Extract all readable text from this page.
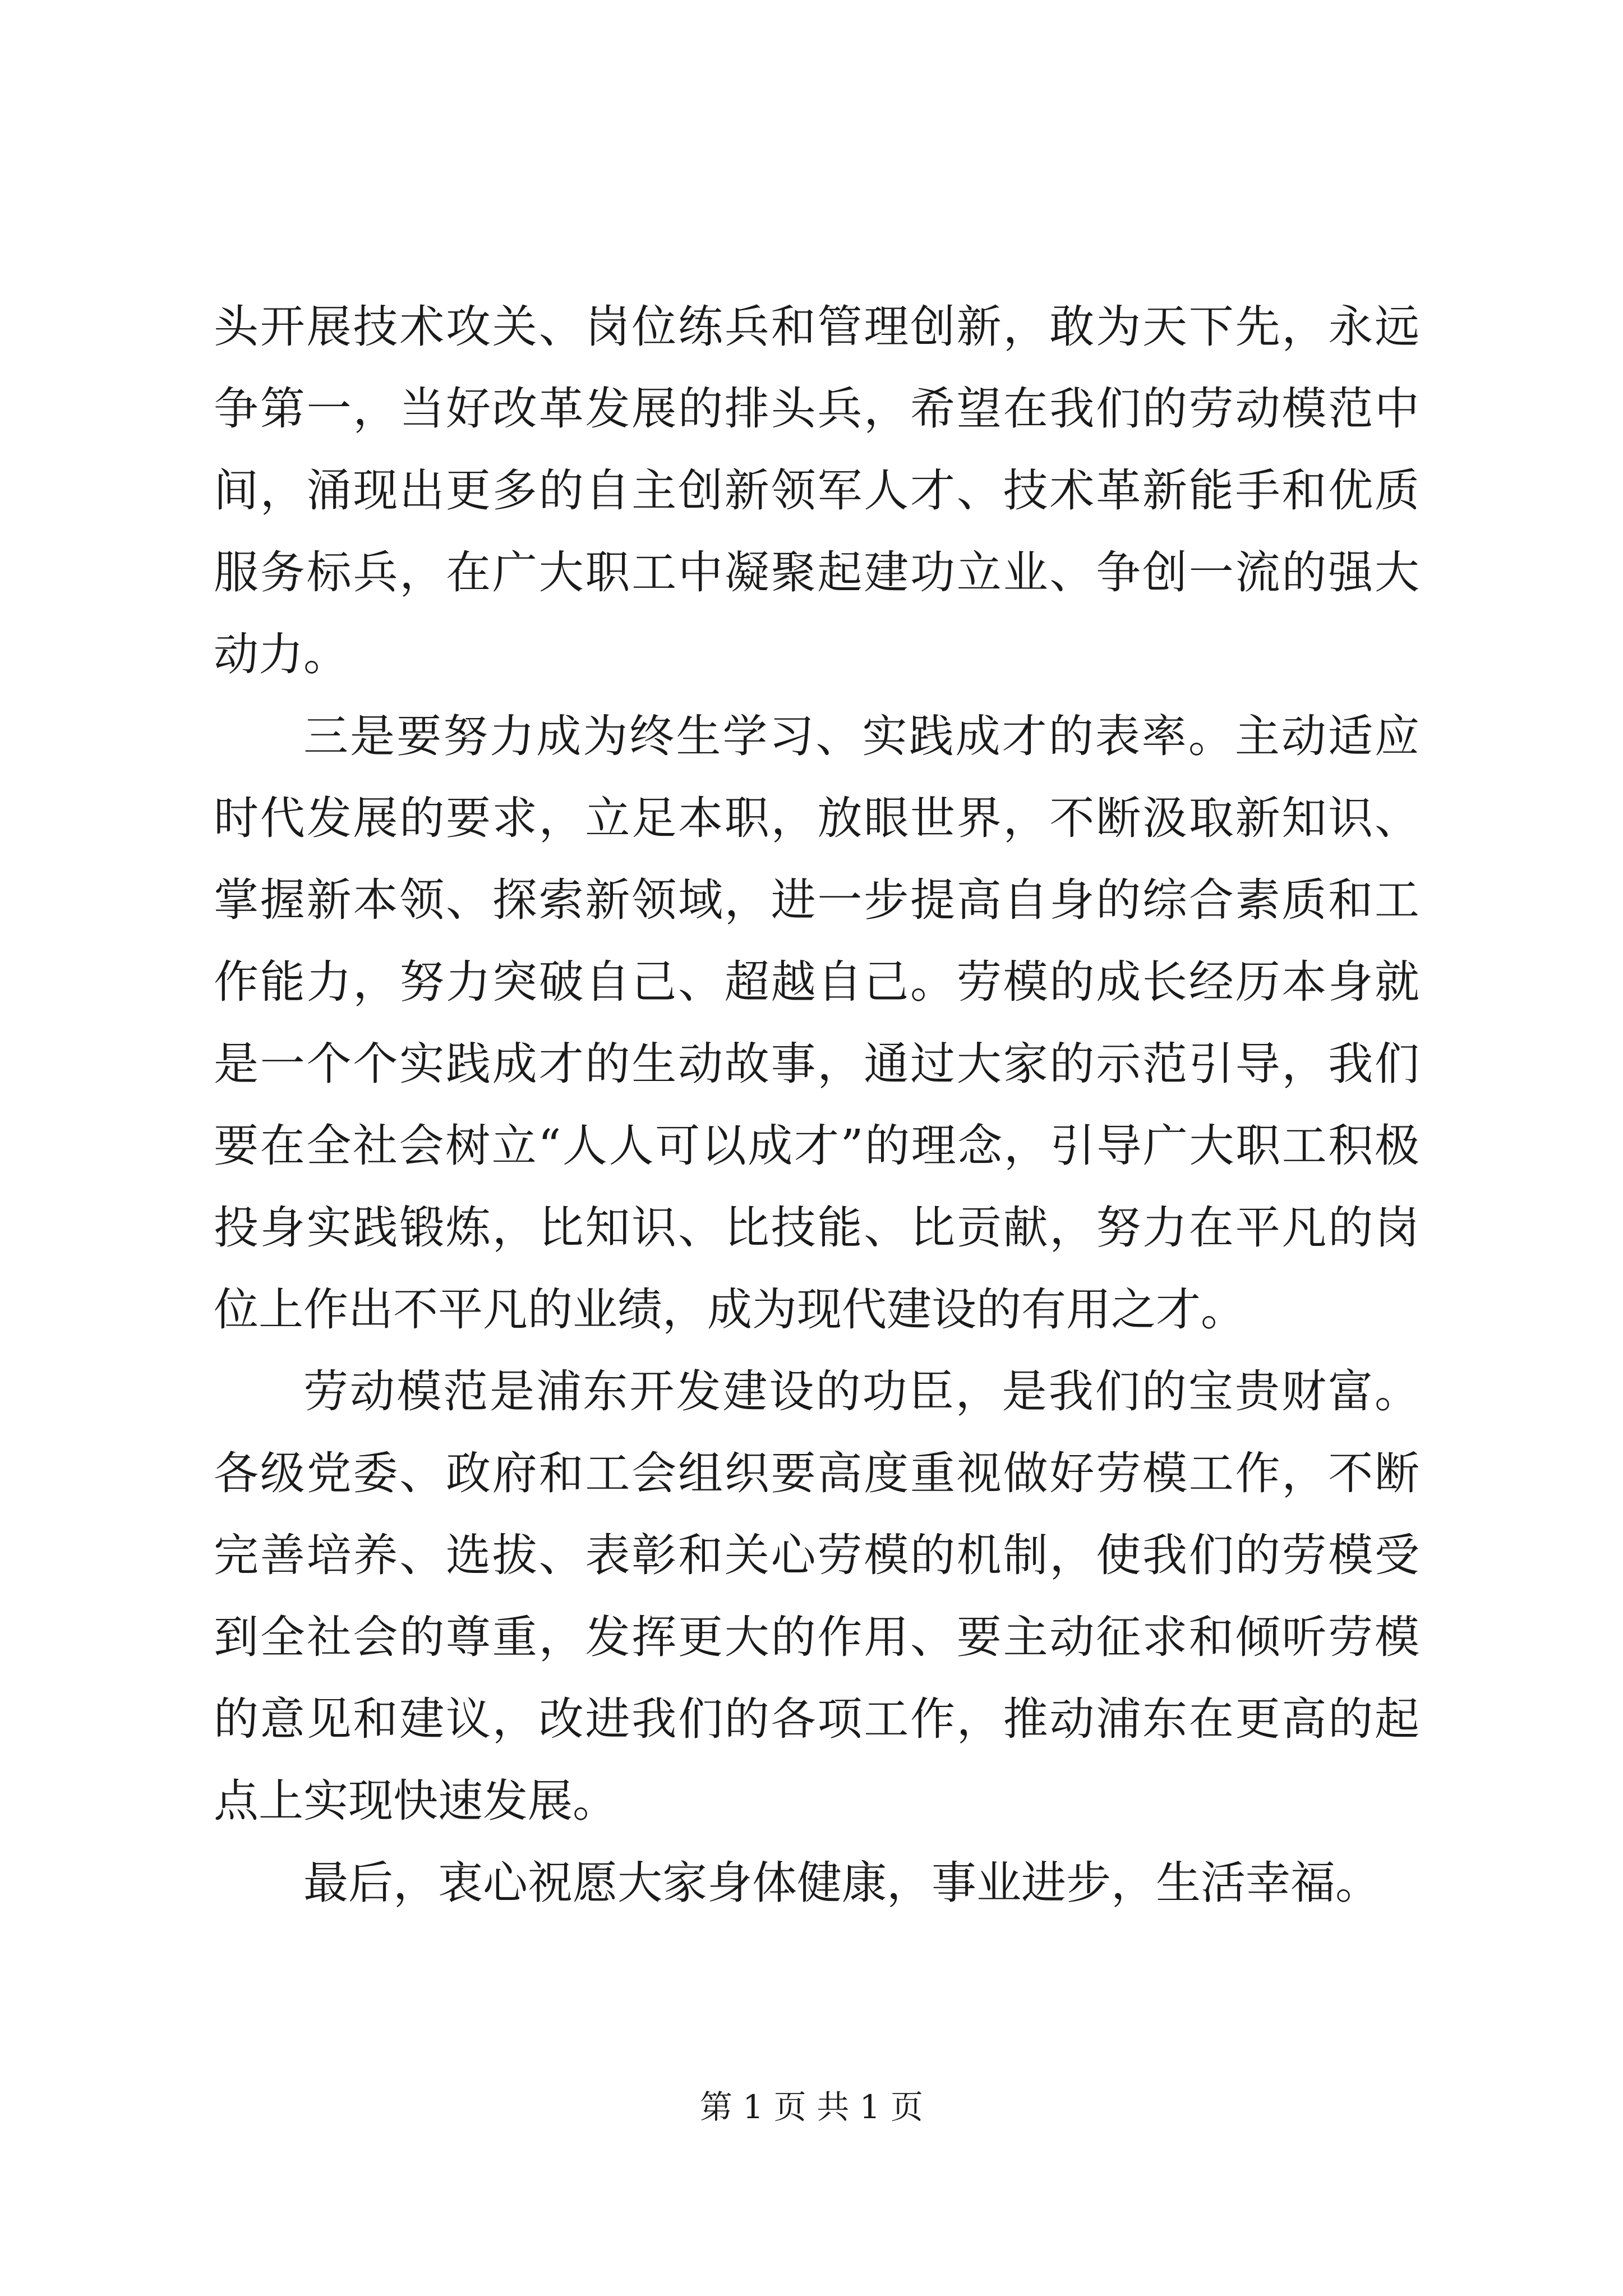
头开展技术攻关、岗位练兵和管理创新，敢为天下先，永远争第一，当好改革发展的排头兵，希望在我们的劳动模范中间，涌现出更多的自主创新领军人才、技术革新能手和优质服务标兵，在广大职工中凝聚起建功立业、争创一流的强大动力。

三是要努力成为终生学习、实践成才的表率。主动适应时代发展的要求，立足本职，放眼世界，不断汲取新知识、掌握新本领、探索新领域，进一步提高自身的综合素质和工作能力，努力突破自己、超越自己。劳模的成长经历本身就是一个个实践成才的生动故事，通过大家的示范引导，我们要在全社会树立“人人可以成才”的理念，引导广大职工积极投身实践锻炼，比知识、比技能、比贡献，努力在平凡的岗位上作出不平凡的业绩，成为现代建设的有用之才。

劳动模范是浦东开发建设的功臣，是我们的宝贵财富。各级党委、政府和工会组织要高度重视做好劳模工作，不断完善培养、选拔、表彰和关心劳模的机制，使我们的劳模受到全社会的尊重，发挥更大的作用、要主动征求和倾听劳模的意见和建议，改进我们的各项工作，推动浦东在更高的起点上实现快速发展。

最后，衷心祝愿大家身体健康，事业进步，生活幸福。

第 1 页 共 1 页
